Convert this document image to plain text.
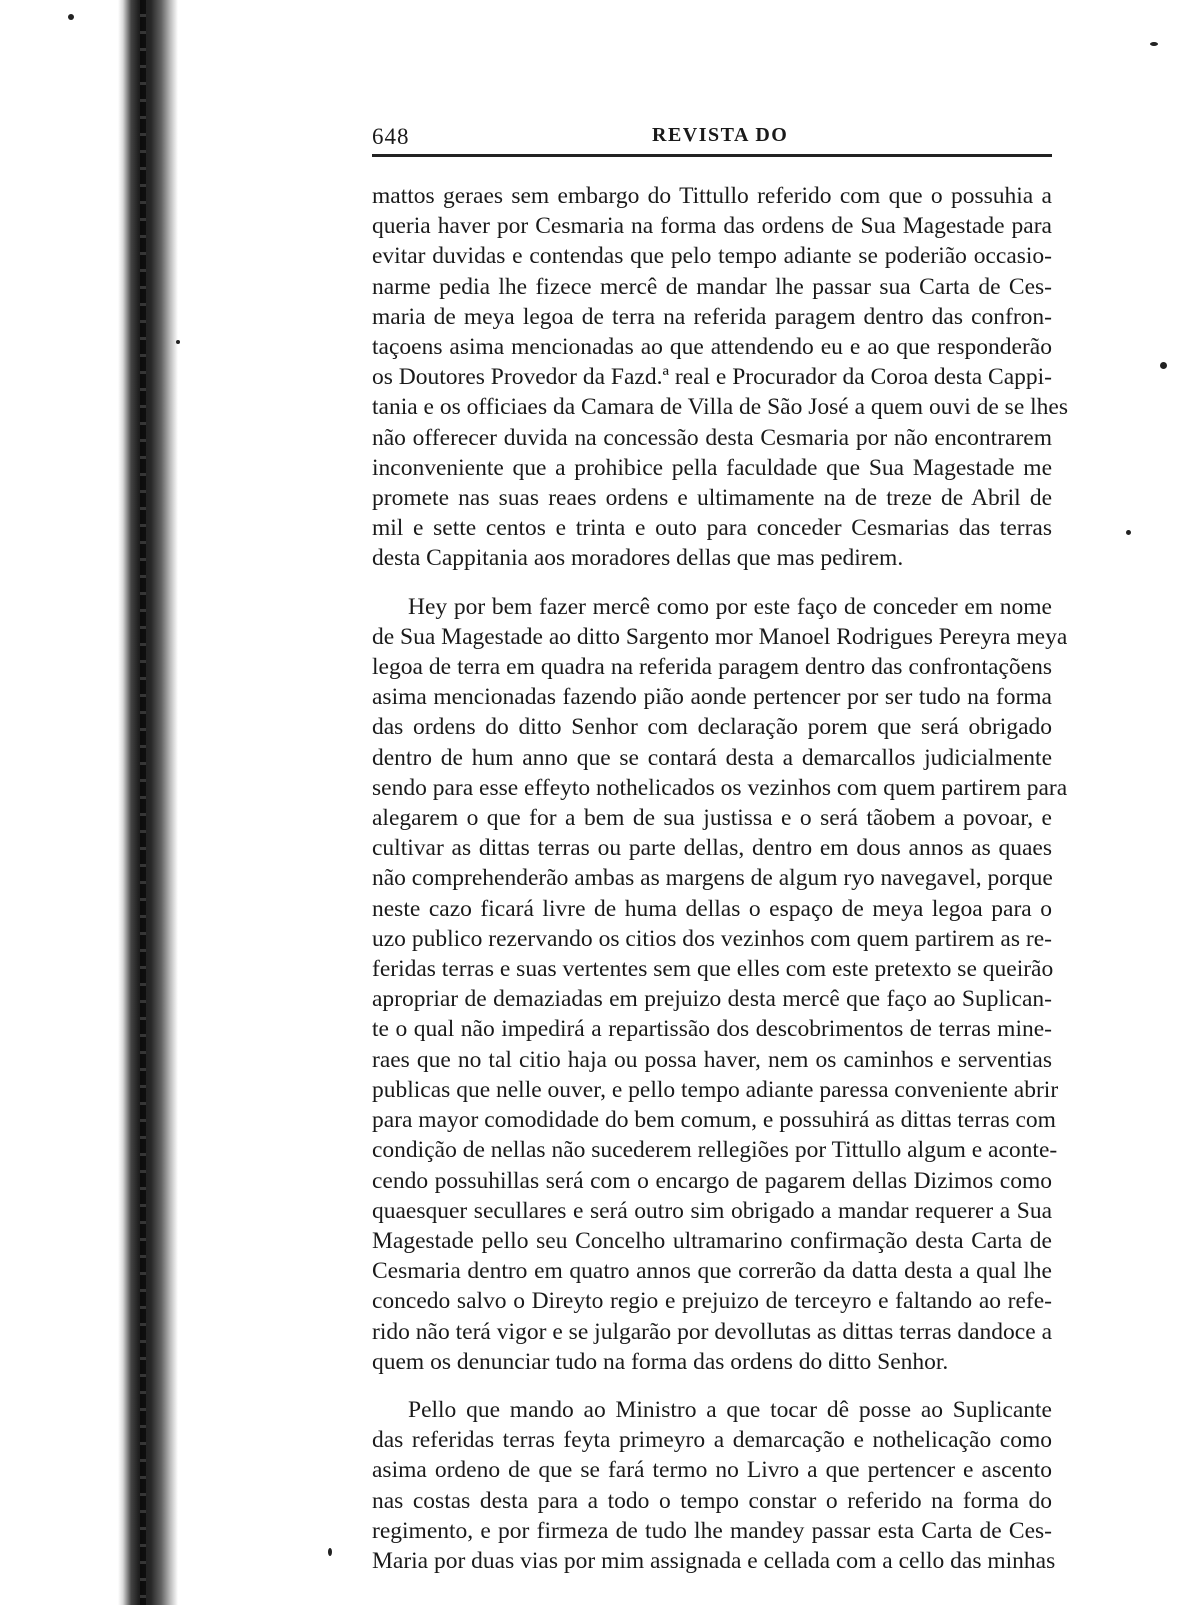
648	REVISTA DO

mattos geraes sem embargo do Tittullo referido com que o possuhia a
queria haver por Cesmaria na forma das ordens de Sua Magestade para
evitar duvidas e contendas que pelo tempo adiante se poderião occasio-
narme pedia lhe fizece mercê de mandar lhe passar sua Carta de Ces-
maria de meya legoa de terra na referida paragem dentro das confron-
taçoens asima mencionadas ao que attendendo eu e ao que responderão
os Doutores Provedor da Fazd.ª real e Procurador da Coroa desta Cappi-
tania e os officiaes da Camara de Villa de São José a quem ouvi de se lhes
não offerecer duvida na concessão desta Cesmaria por não encontrarem
inconveniente que a prohibice pella faculdade que Sua Magestade me
promete nas suas reaes ordens e ultimamente na de treze de Abril de
mil e sette centos e trinta e outo para conceder Cesmarias das terras
desta Cappitania aos moradores dellas que mas pedirem.

Hey por bem fazer mercê como por este faço de conceder em nome
de Sua Magestade ao ditto Sargento mor Manoel Rodrigues Pereyra meya
legoa de terra em quadra na referida paragem dentro das confrontaçõens
asima mencionadas fazendo pião aonde pertencer por ser tudo na forma
das ordens do ditto Senhor com declaração porem que será obrigado
dentro de hum anno que se contará desta a demarcallos judicialmente
sendo para esse effeyto nothelicados os vezinhos com quem partirem para
alegarem o que for a bem de sua justissa e o será tãobem a povoar, e
cultivar as dittas terras ou parte dellas, dentro em dous annos as quaes
não comprehenderão ambas as margens de algum ryo navegavel, porque
neste cazo ficará livre de huma dellas o espaço de meya legoa para o
uzo publico rezervando os citios dos vezinhos com quem partirem as re-
feridas terras e suas vertentes sem que elles com este pretexto se queirão
apropriar de demaziadas em prejuizo desta mercê que faço ao Suplican-
te o qual não impedirá a repartissão dos descobrimentos de terras mine-
raes que no tal citio haja ou possa haver, nem os caminhos e serventias
publicas que nelle ouver, e pello tempo adiante paressa conveniente abrir
para mayor comodidade do bem comum, e possuhirá as dittas terras com
condição de nellas não sucederem rellegiões por Tittullo algum e aconte-
cendo possuhillas será com o encargo de pagarem dellas Dizimos como
quaesquer secullares e será outro sim obrigado a mandar requerer a Sua
Magestade pello seu Concelho ultramarino confirmação desta Carta de
Cesmaria dentro em quatro annos que correrão da datta desta a qual lhe
concedo salvo o Direyto regio e prejuizo de terceyro e faltando ao refe-
rido não terá vigor e se julgarão por devollutas as dittas terras dandoce a
quem os denunciar tudo na forma das ordens do ditto Senhor.

Pello que mando ao Ministro a que tocar dê posse ao Suplicante
das referidas terras feyta primeyro a demarcação e nothelicação como
asima ordeno de que se fará termo no Livro a que pertencer e ascento
nas costas desta para a todo o tempo constar o referido na forma do
regimento, e por firmeza de tudo lhe mandey passar esta Carta de Ces-
Maria por duas vias por mim assignada e cellada com a cello das minhas
